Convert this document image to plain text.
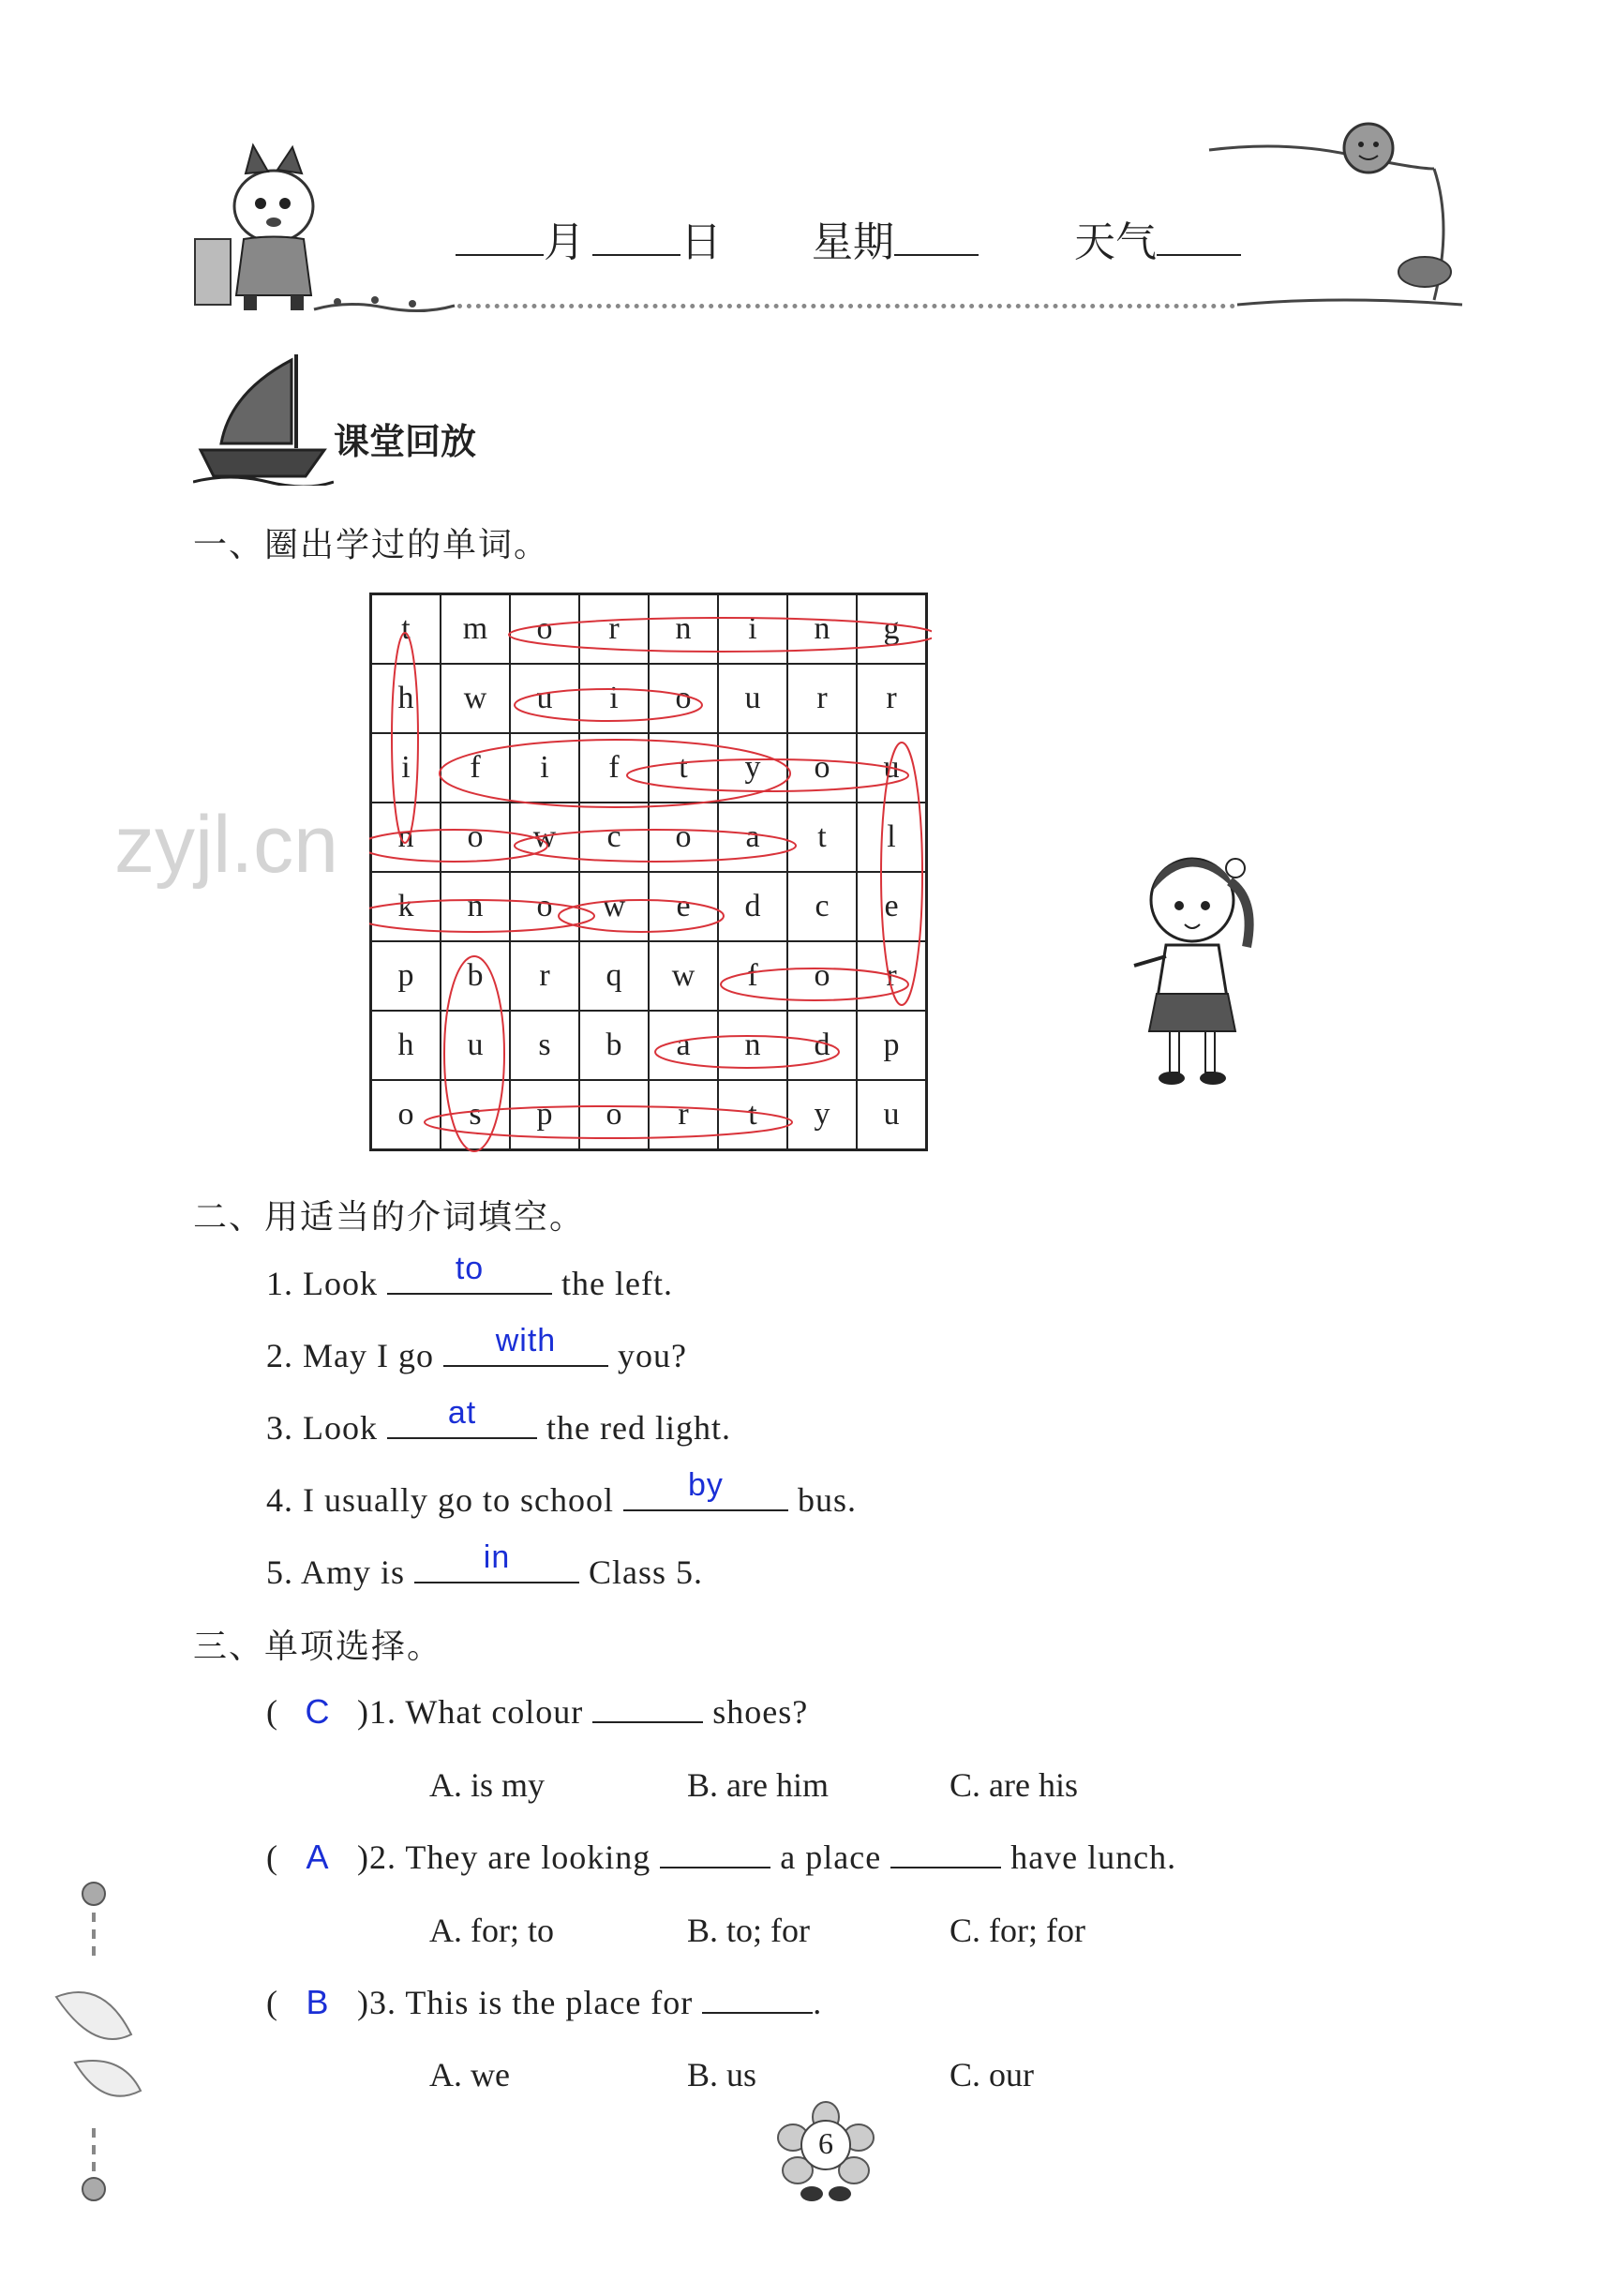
月	日 星期	天气
课堂回放
zyjl.cn
一、圈出学过的单词。
t	m	o	r	n	i	n	g
h	w	u	i	o	u	r	r
i	f	i	f	t	y	o	u
n	o	w	c	o	a	t	l
k	n	o	w	e	d	c	e
p	b	r	q	w	f	o	r
h	u	s	b	a	n	d	p
o	s	p	o	r	t	y	u
二、用适当的介词填空。
1. Look	to	the left.
2. May I go	with	you?
3. Look	at	the red light.
4. I usually go to school	by	bus.
5. Amy is	in	Class 5.
三、单项选择。
( C )1. What colour	shoes?
A. is my	B. are him	C. are his
( A )2. They are looking	a place	have lunch.
A. for; to	B. to; for	C. for; for
( B )3. This is the place for	.
A. we	B. us	C. our
6
